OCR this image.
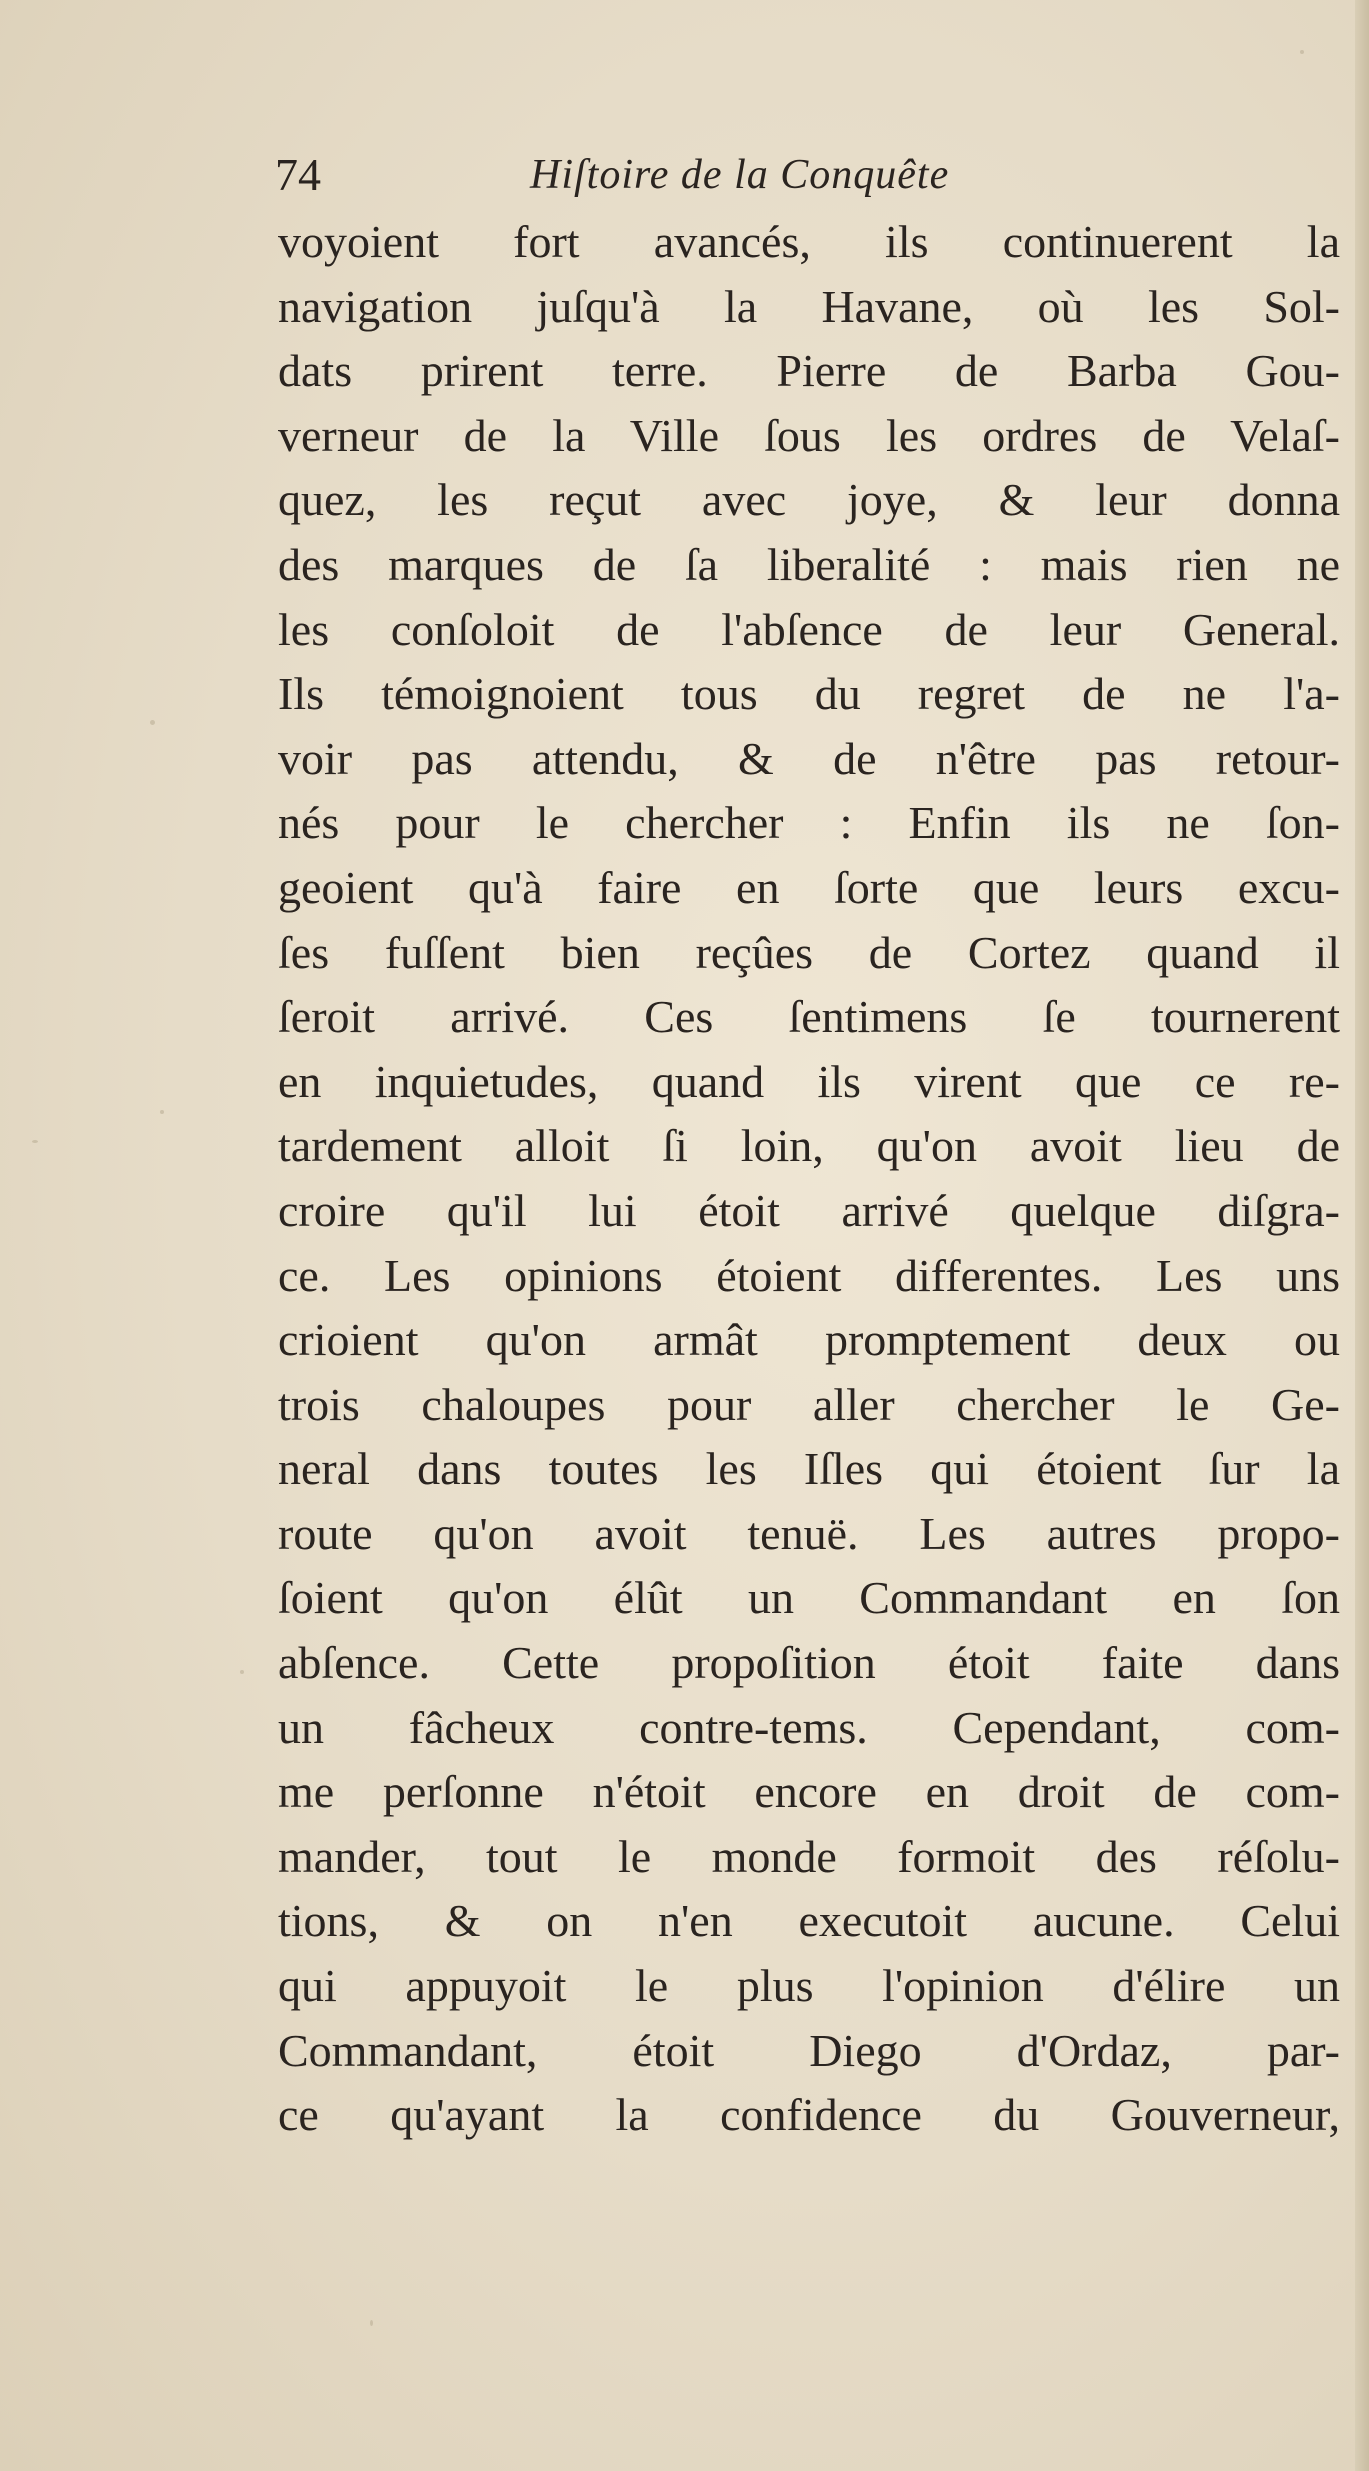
74	Hiſtoire de la Conquête
voyoient fort avancés, ils continuerent la
navigation juſqu'à la Havane, où les Sol-
dats prirent terre. Pierre de Barba Gou-
verneur de la Ville ſous les ordres de Velaſ-
quez, les reçut avec joye, & leur donna
des marques de ſa liberalité : mais rien ne
les conſoloit de l'abſence de leur General.
Ils témoignoient tous du regret de ne l'a-
voir pas attendu, & de n'être pas retour-
nés pour le chercher : Enfin ils ne ſon-
geoient qu'à faire en ſorte que leurs excu-
ſes fuſſent bien reçûes de Cortez quand il
ſeroit arrivé. Ces ſentimens ſe tournerent
en inquietudes, quand ils virent que ce re-
tardement alloit ſi loin, qu'on avoit lieu de
croire qu'il lui étoit arrivé quelque diſgra-
ce. Les opinions étoient differentes. Les uns
crioient qu'on armât promptement deux ou
trois chaloupes pour aller chercher le Ge-
neral dans toutes les Iſles qui étoient ſur la
route qu'on avoit tenuë. Les autres propo-
ſoient qu'on élût un Commandant en ſon
abſence. Cette propoſition étoit faite dans
un fâcheux contre-tems. Cependant, com-
me perſonne n'étoit encore en droit de com-
mander, tout le monde formoit des réſolu-
tions, & on n'en executoit aucune. Celui
qui appuyoit le plus l'opinion d'élire un
Commandant, étoit Diego d'Ordaz, par-
ce qu'ayant la confidence du Gouverneur,
